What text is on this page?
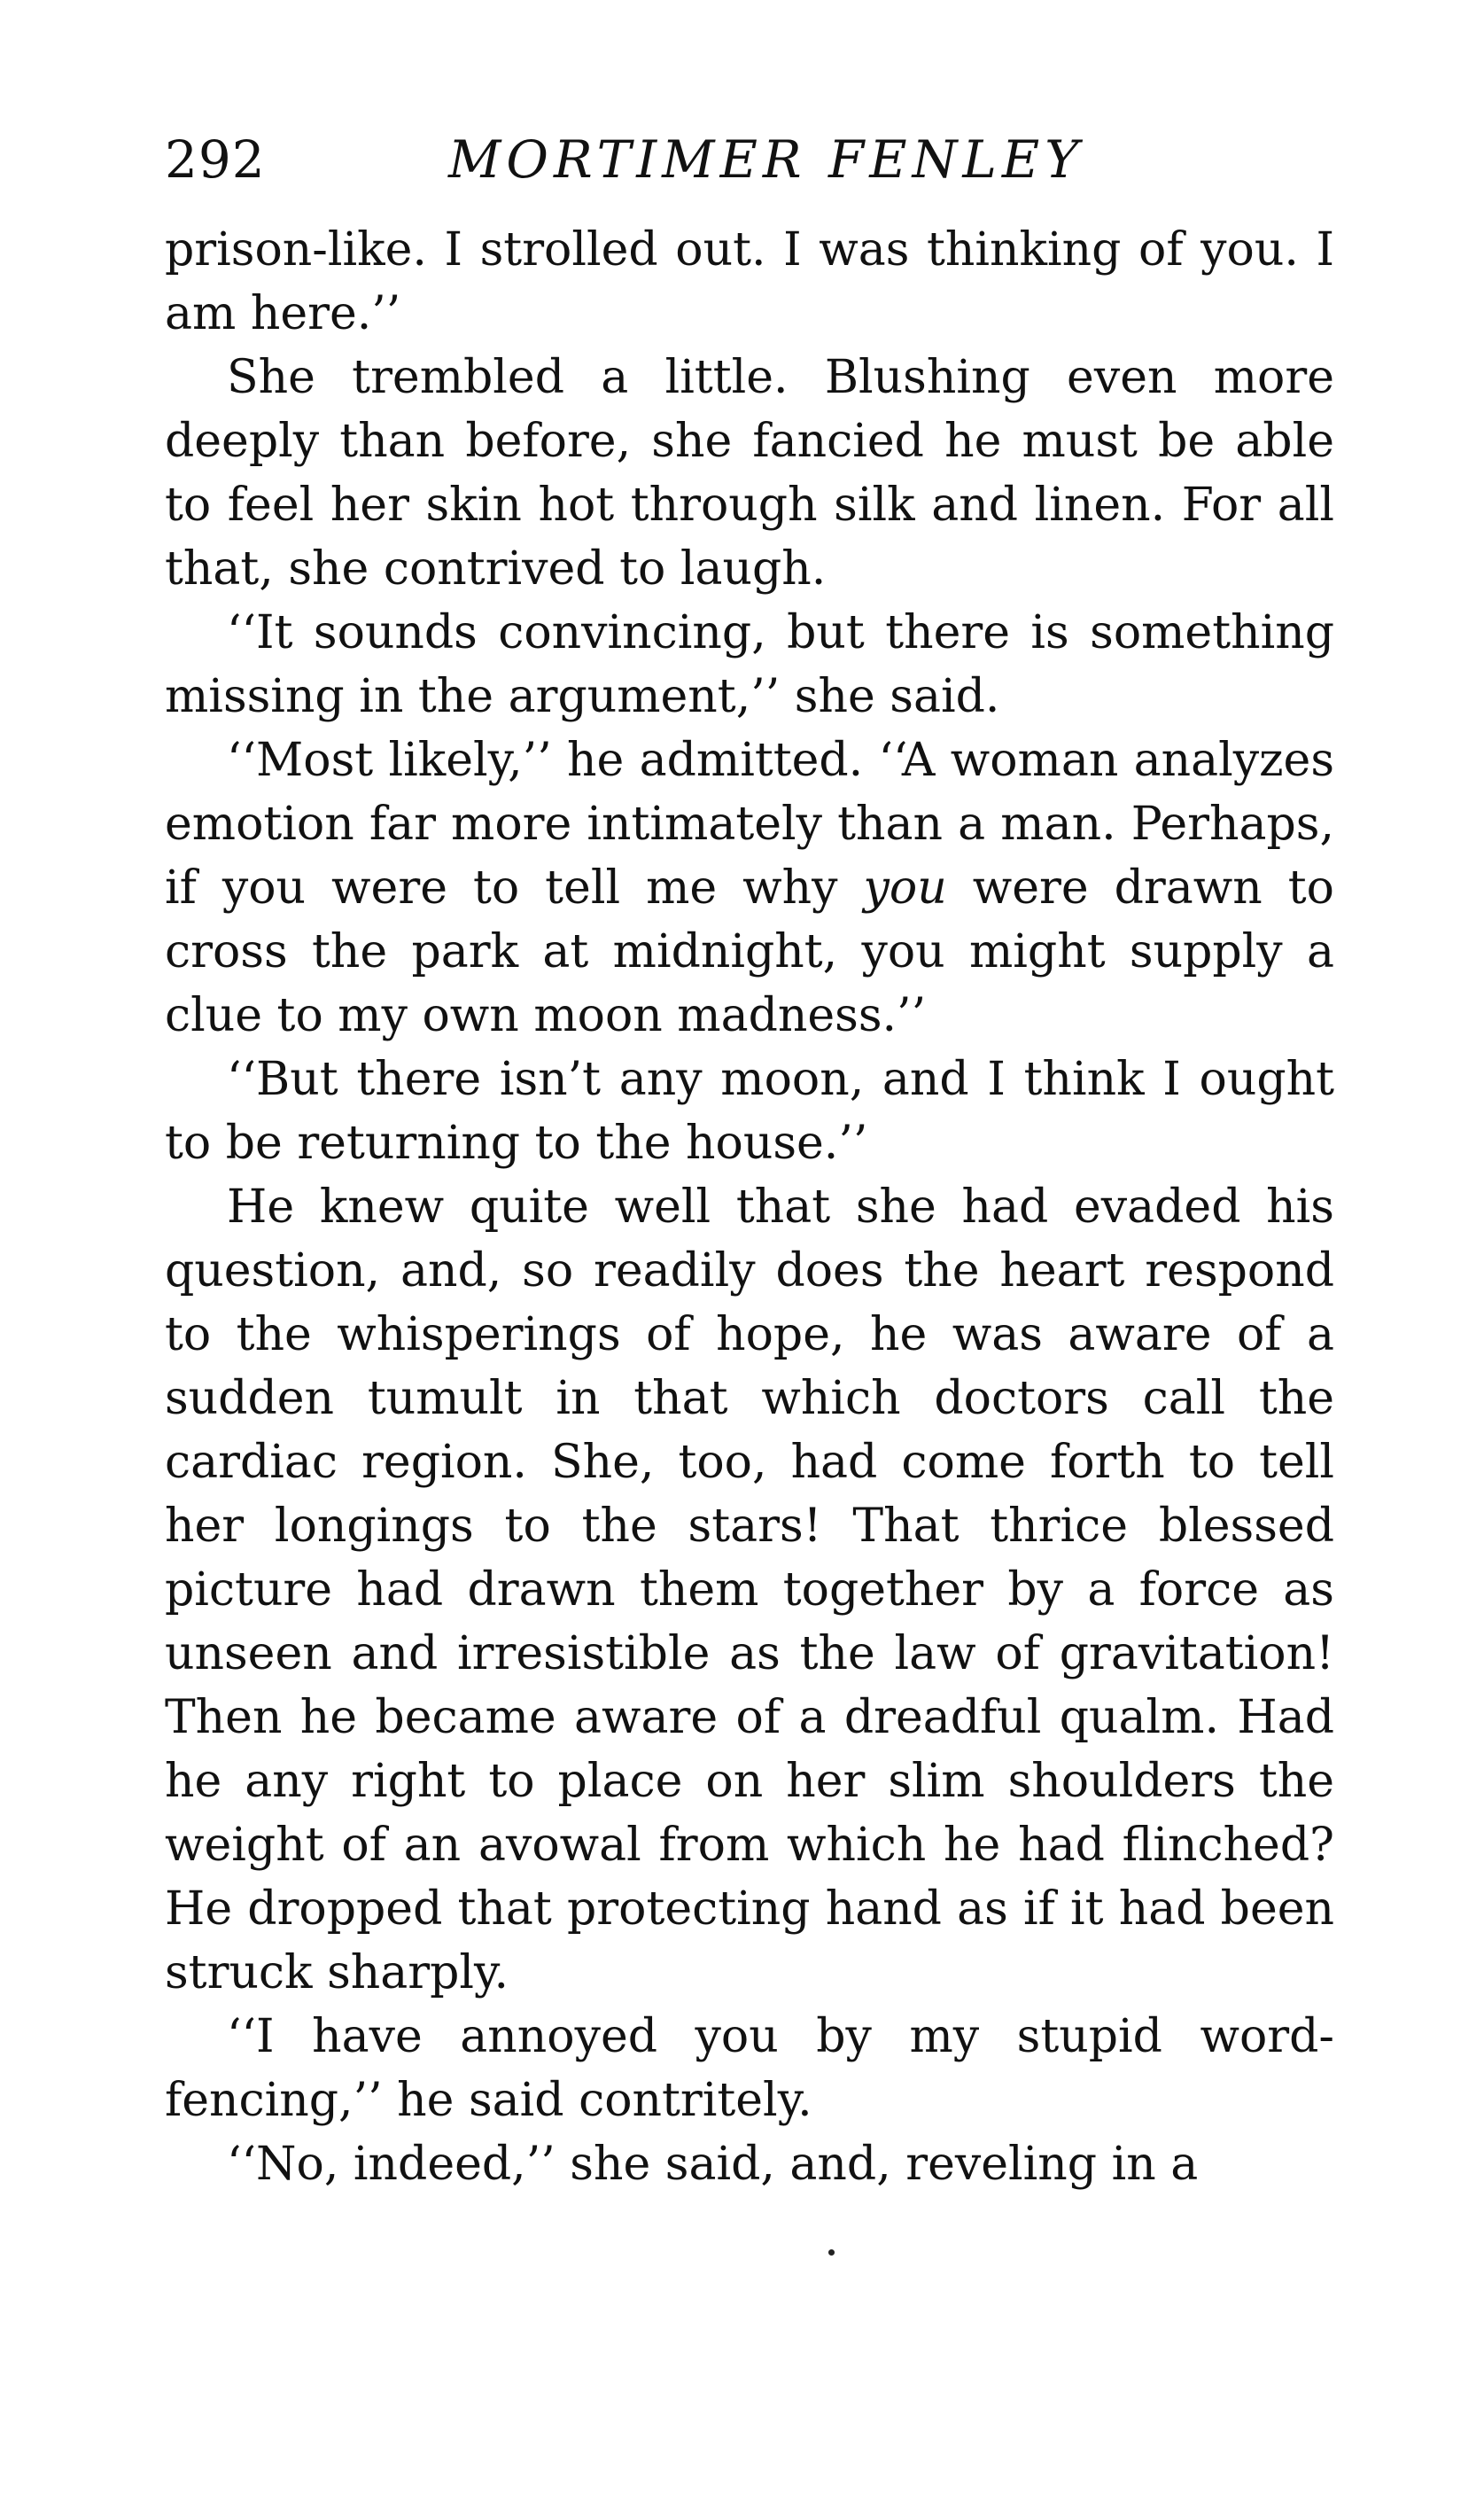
292	MORTIMER FENLEY

prison-like. I strolled out. I was thinking of you. I am here.’’

She trembled a little. Blushing even more deeply than before, she fancied he must be able to feel her skin hot through silk and linen. For all that, she contrived to laugh.

‘‘It sounds convincing, but there is something missing in the argument,’’ she said.

‘‘Most likely,’’ he admitted. ‘‘A woman analyzes emotion far more intimately than a man. Perhaps, if you were to tell me why you were drawn to cross the park at midnight, you might supply a clue to my own moon madness.’’

‘‘But there isn’t any moon, and I think I ought to be returning to the house.’’

He knew quite well that she had evaded his question, and, so readily does the heart respond to the whisperings of hope, he was aware of a sudden tumult in that which doctors call the cardiac region. She, too, had come forth to tell her longings to the stars! That thrice blessed picture had drawn them together by a force as unseen and irresistible as the law of gravitation! Then he became aware of a dreadful qualm. Had he any right to place on her slim shoulders the weight of an avowal from which he had flinched? He dropped that protecting hand as if it had been struck sharply.

‘‘I have annoyed you by my stupid word-fencing,’’ he said contritely.

‘‘No, indeed,’’ she said, and, reveling in a
